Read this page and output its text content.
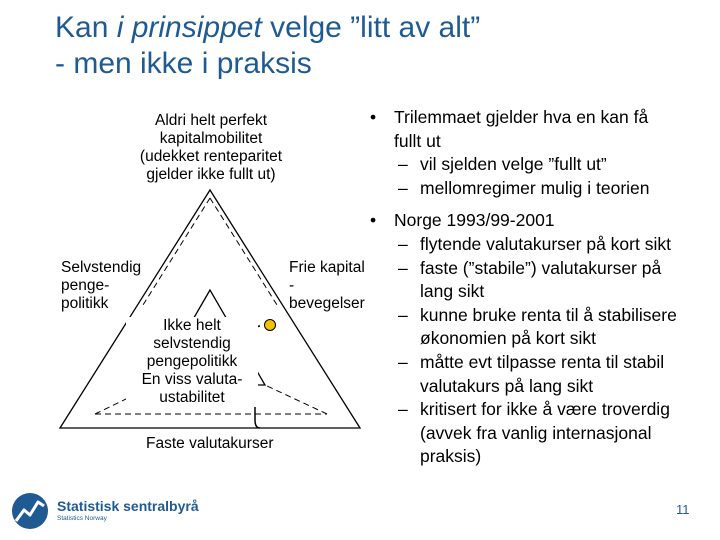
Kan i prinsippet velge ”litt av alt”
- men ikke i praksis
Aldri helt perfekt
kapitalmobilitet
(udekket renteparitet
gjelder ikke fullt ut)
Selvstendig
penge-
politikk
Frie kapital
-
bevegelser
Ikke helt
selvstendig
pengepolitikk
En viss valuta-
ustabilitet
Faste valutakurser
• Trilemmaet gjelder hva en kan få
fullt ut
– vil sjelden velge ”fullt ut”
– mellomregimer mulig i teorien
• Norge 1993/99-2001
– flytende valutakurser på kort sikt
– faste (”stabile”) valutakurser på
lang sikt
– kunne bruke renta til å stabilisere
økonomien på kort sikt
– måtte evt tilpasse renta til stabil
valutakurs på lang sikt
– kritisert for ikke å være troverdig
(avvek fra vanlig internasjonal
praksis)
Statistisk sentralbyrå
Statistics Norway
11
